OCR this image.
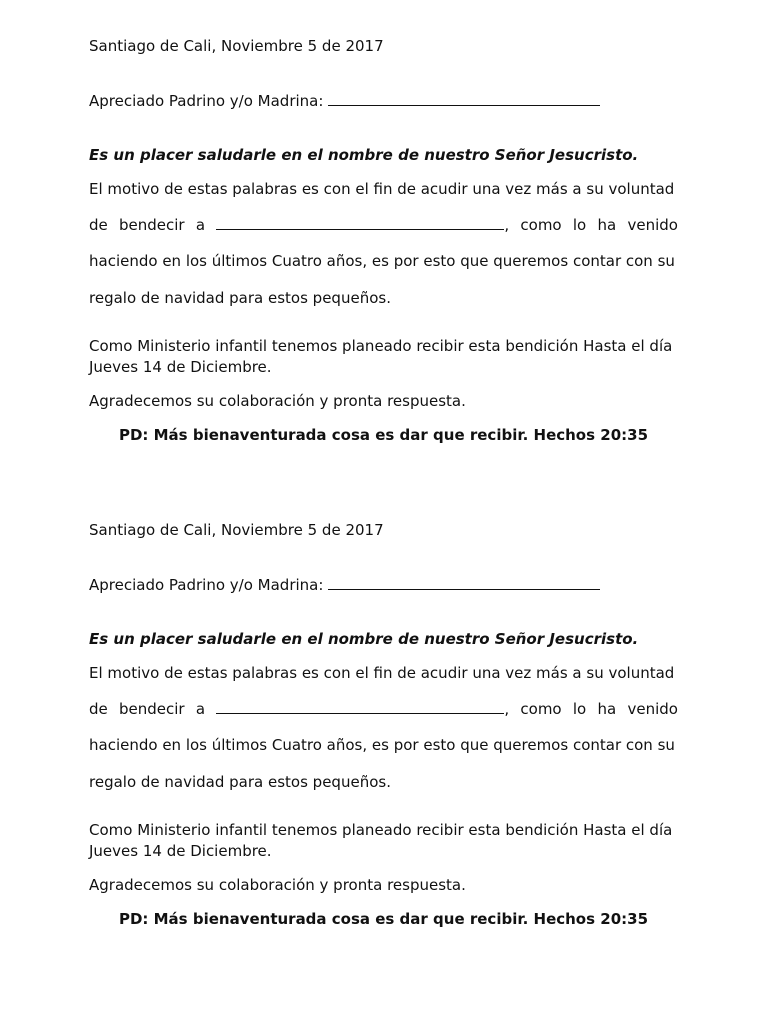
Santiago de Cali, Noviembre 5 de 2017

Apreciado Padrino y/o Madrina:

Es un placer saludarle en el nombre de nuestro Señor Jesucristo.

El motivo de estas palabras es con el fin de acudir una vez más a su voluntad

de bendecir a	, como lo ha venido

haciendo en los últimos Cuatro años, es por esto que queremos contar con su

regalo de navidad para estos pequeños.

Como Ministerio infantil tenemos planeado recibir esta bendición Hasta el día

Jueves 14 de Diciembre.

Agradecemos su colaboración y pronta respuesta.

PD: Más bienaventurada cosa es dar que recibir. Hechos 20:35

Santiago de Cali, Noviembre 5 de 2017

Apreciado Padrino y/o Madrina:

Es un placer saludarle en el nombre de nuestro Señor Jesucristo.

El motivo de estas palabras es con el fin de acudir una vez más a su voluntad

de bendecir a	, como lo ha venido

haciendo en los últimos Cuatro años, es por esto que queremos contar con su

regalo de navidad para estos pequeños.

Como Ministerio infantil tenemos planeado recibir esta bendición Hasta el día

Jueves 14 de Diciembre.

Agradecemos su colaboración y pronta respuesta.

PD: Más bienaventurada cosa es dar que recibir. Hechos 20:35
